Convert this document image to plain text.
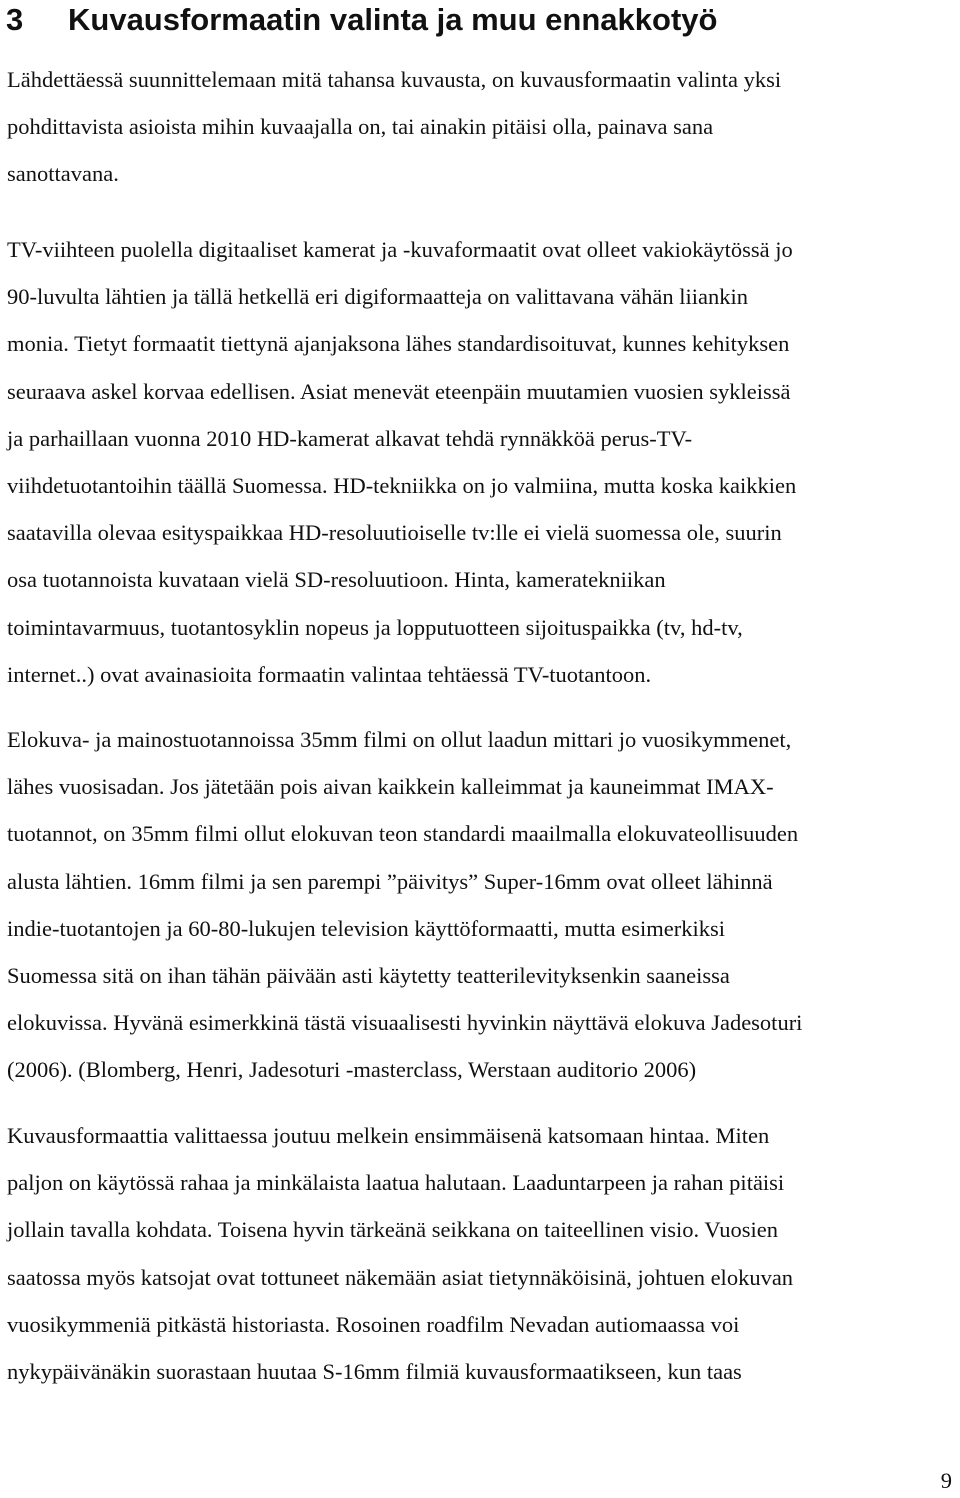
3 Kuvausformaatin valinta ja muu ennakkotyö
Lähdettäessä suunnittelemaan mitä tahansa kuvausta, on kuvausformaatin valinta yksi
pohdittavista asioista mihin kuvaajalla on, tai ainakin pitäisi olla, painava sana
sanottavana.
TV-viihteen puolella digitaaliset kamerat ja -kuvaformaatit ovat olleet vakiokäytössä jo
90-luvulta lähtien ja tällä hetkellä eri digiformaatteja on valittavana vähän liiankin
monia. Tietyt formaatit tiettynä ajanjaksona lähes standardisoituvat, kunnes kehityksen
seuraava askel korvaa edellisen. Asiat menevät eteenpäin muutamien vuosien sykleissä
ja parhaillaan vuonna 2010 HD-kamerat alkavat tehdä rynnäkköä perus-TV-
viihdetuotantoihin täällä Suomessa. HD-tekniikka on jo valmiina, mutta koska kaikkien
saatavilla olevaa esityspaikkaa HD-resoluutioiselle tv:lle ei vielä suomessa ole, suurin
osa tuotannoista kuvataan vielä SD-resoluutioon. Hinta, kameratekniikan
toimintavarmuus, tuotantosyklin nopeus ja lopputuotteen sijoituspaikka (tv, hd-tv,
internet..) ovat avainasioita formaatin valintaa tehtäessä TV-tuotantoon.
Elokuva- ja mainostuotannoissa 35mm filmi on ollut laadun mittari jo vuosikymmenet,
lähes vuosisadan. Jos jätetään pois aivan kaikkein kalleimmat ja kauneimmat IMAX-
tuotannot, on 35mm filmi ollut elokuvan teon standardi maailmalla elokuvateollisuuden
alusta lähtien. 16mm filmi ja sen parempi ”päivitys” Super-16mm ovat olleet lähinnä
indie-tuotantojen ja 60-80-lukujen television käyttöformaatti, mutta esimerkiksi
Suomessa sitä on ihan tähän päivään asti käytetty teatterilevityksenkin saaneissa
elokuvissa. Hyvänä esimerkkinä tästä visuaalisesti hyvinkin näyttävä elokuva Jadesoturi
(2006). (Blomberg, Henri, Jadesoturi -masterclass, Werstaan auditorio 2006)
Kuvausformaattia valittaessa joutuu melkein ensimmäisenä katsomaan hintaa. Miten
paljon on käytössä rahaa ja minkälaista laatua halutaan. Laaduntarpeen ja rahan pitäisi
jollain tavalla kohdata. Toisena hyvin tärkeänä seikkana on taiteellinen visio. Vuosien
saatossa myös katsojat ovat tottuneet näkemään asiat tietynnäköisinä, johtuen elokuvan
vuosikymmeniä pitkästä historiasta. Rosoinen roadfilm Nevadan autiomaassa voi
nykypäivänäkin suorastaan huutaa S-16mm filmiä kuvausformaatikseen, kun taas
9
